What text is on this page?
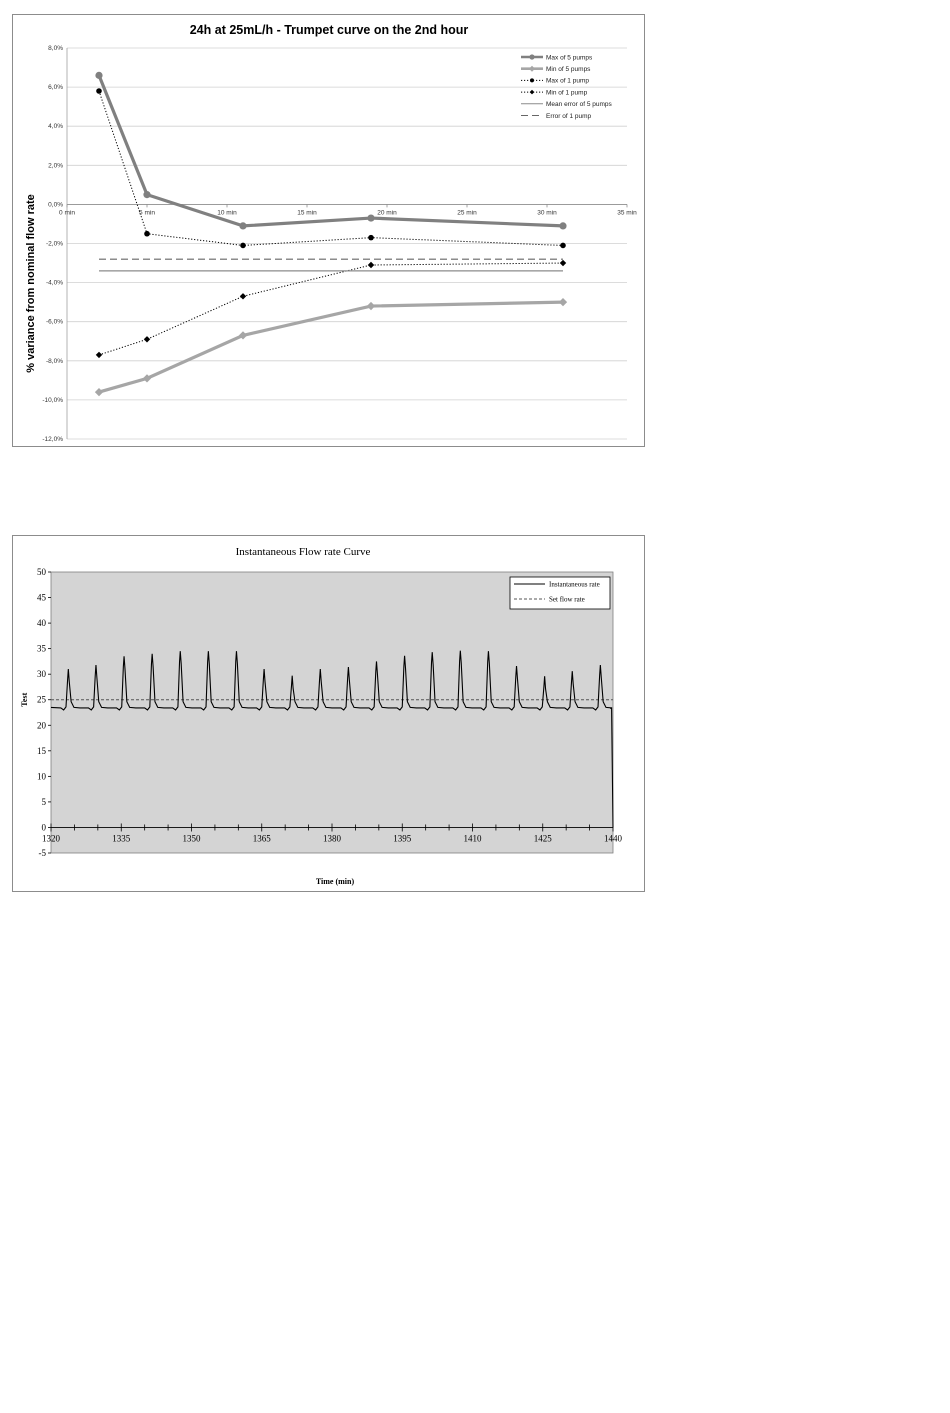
24h at 25mL/h - Trumpet curve on the 2nd hour
% variance from nominal flow rate
8,0%
6,0%
4,0%
2,0%
0,0%
-2,0%
-4,0%
-6,0%
-8,0%
-10,0%
-12,0%
0 min	5 min	10 min	15 min	20 min	25 min	30 min	35 min
Max of 5 pumps
Min of 5 pumps
Max of 1 pump
Min of 1 pump
Mean error of 5 pumps
Error of 1 pump
Instantaneous Flow rate Curve
50
45
40
35
30
25
20
15
10
5
0
-5
1320	1335	1350	1365	1380	1395	1410	1425	1440
Instantaneous rate
Set flow rate
Test
Time (min)
